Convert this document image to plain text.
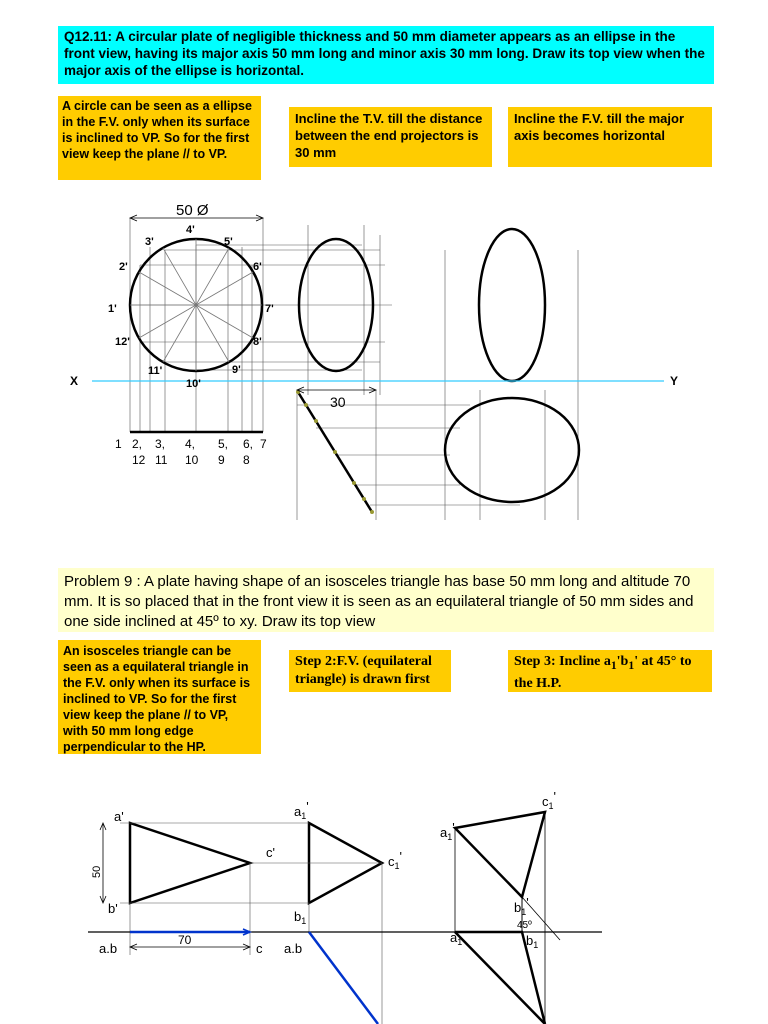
Q12.11: A circular plate of negligible thickness and 50 mm diameter appears as an ellipse in the front view, having its major axis 50 mm long and minor axis 30 mm long. Draw its top view when the major axis of the ellipse is horizontal.
A circle can be seen as a ellipse in the F.V. only when its surface is inclined to VP. So for the first view keep the plane // to VP.
Incline the T.V. till the distance between the end projectors is 30 mm
Incline the F.V. till the major axis becomes horizontal
Problem 9 : A plate having shape of an isosceles triangle has base 50 mm long and altitude 70 mm. It is so placed that in the front view it is seen as an equilateral triangle of 50 mm sides and one side inclined at 45º to xy. Draw its top view
An isosceles triangle can be seen as a equilateral triangle in the F.V. only when its surface is inclined to VP. So for the first view keep the plane // to VP, with 50 mm long edge perpendicular to the HP.
Step 2:F.V. (equilateral triangle) is drawn first
Step 3: Incline $a_1'b_1'$ at 45° to the H.P.
50 Ø
30
X	Y
1'
2'
3'
4'
5'
6'
7'
8'
9'
10'
11'
12'
1 2, 3, 4, 5, 6, 7
12 11 10 9 8
a'
b'
c'
50
70
a.b	c a.b
$a_1'$
$b_1$
$c_1'$
$c_1'$
$a_1'$
$b_1'$
45º
$a_1$	$b_1$
